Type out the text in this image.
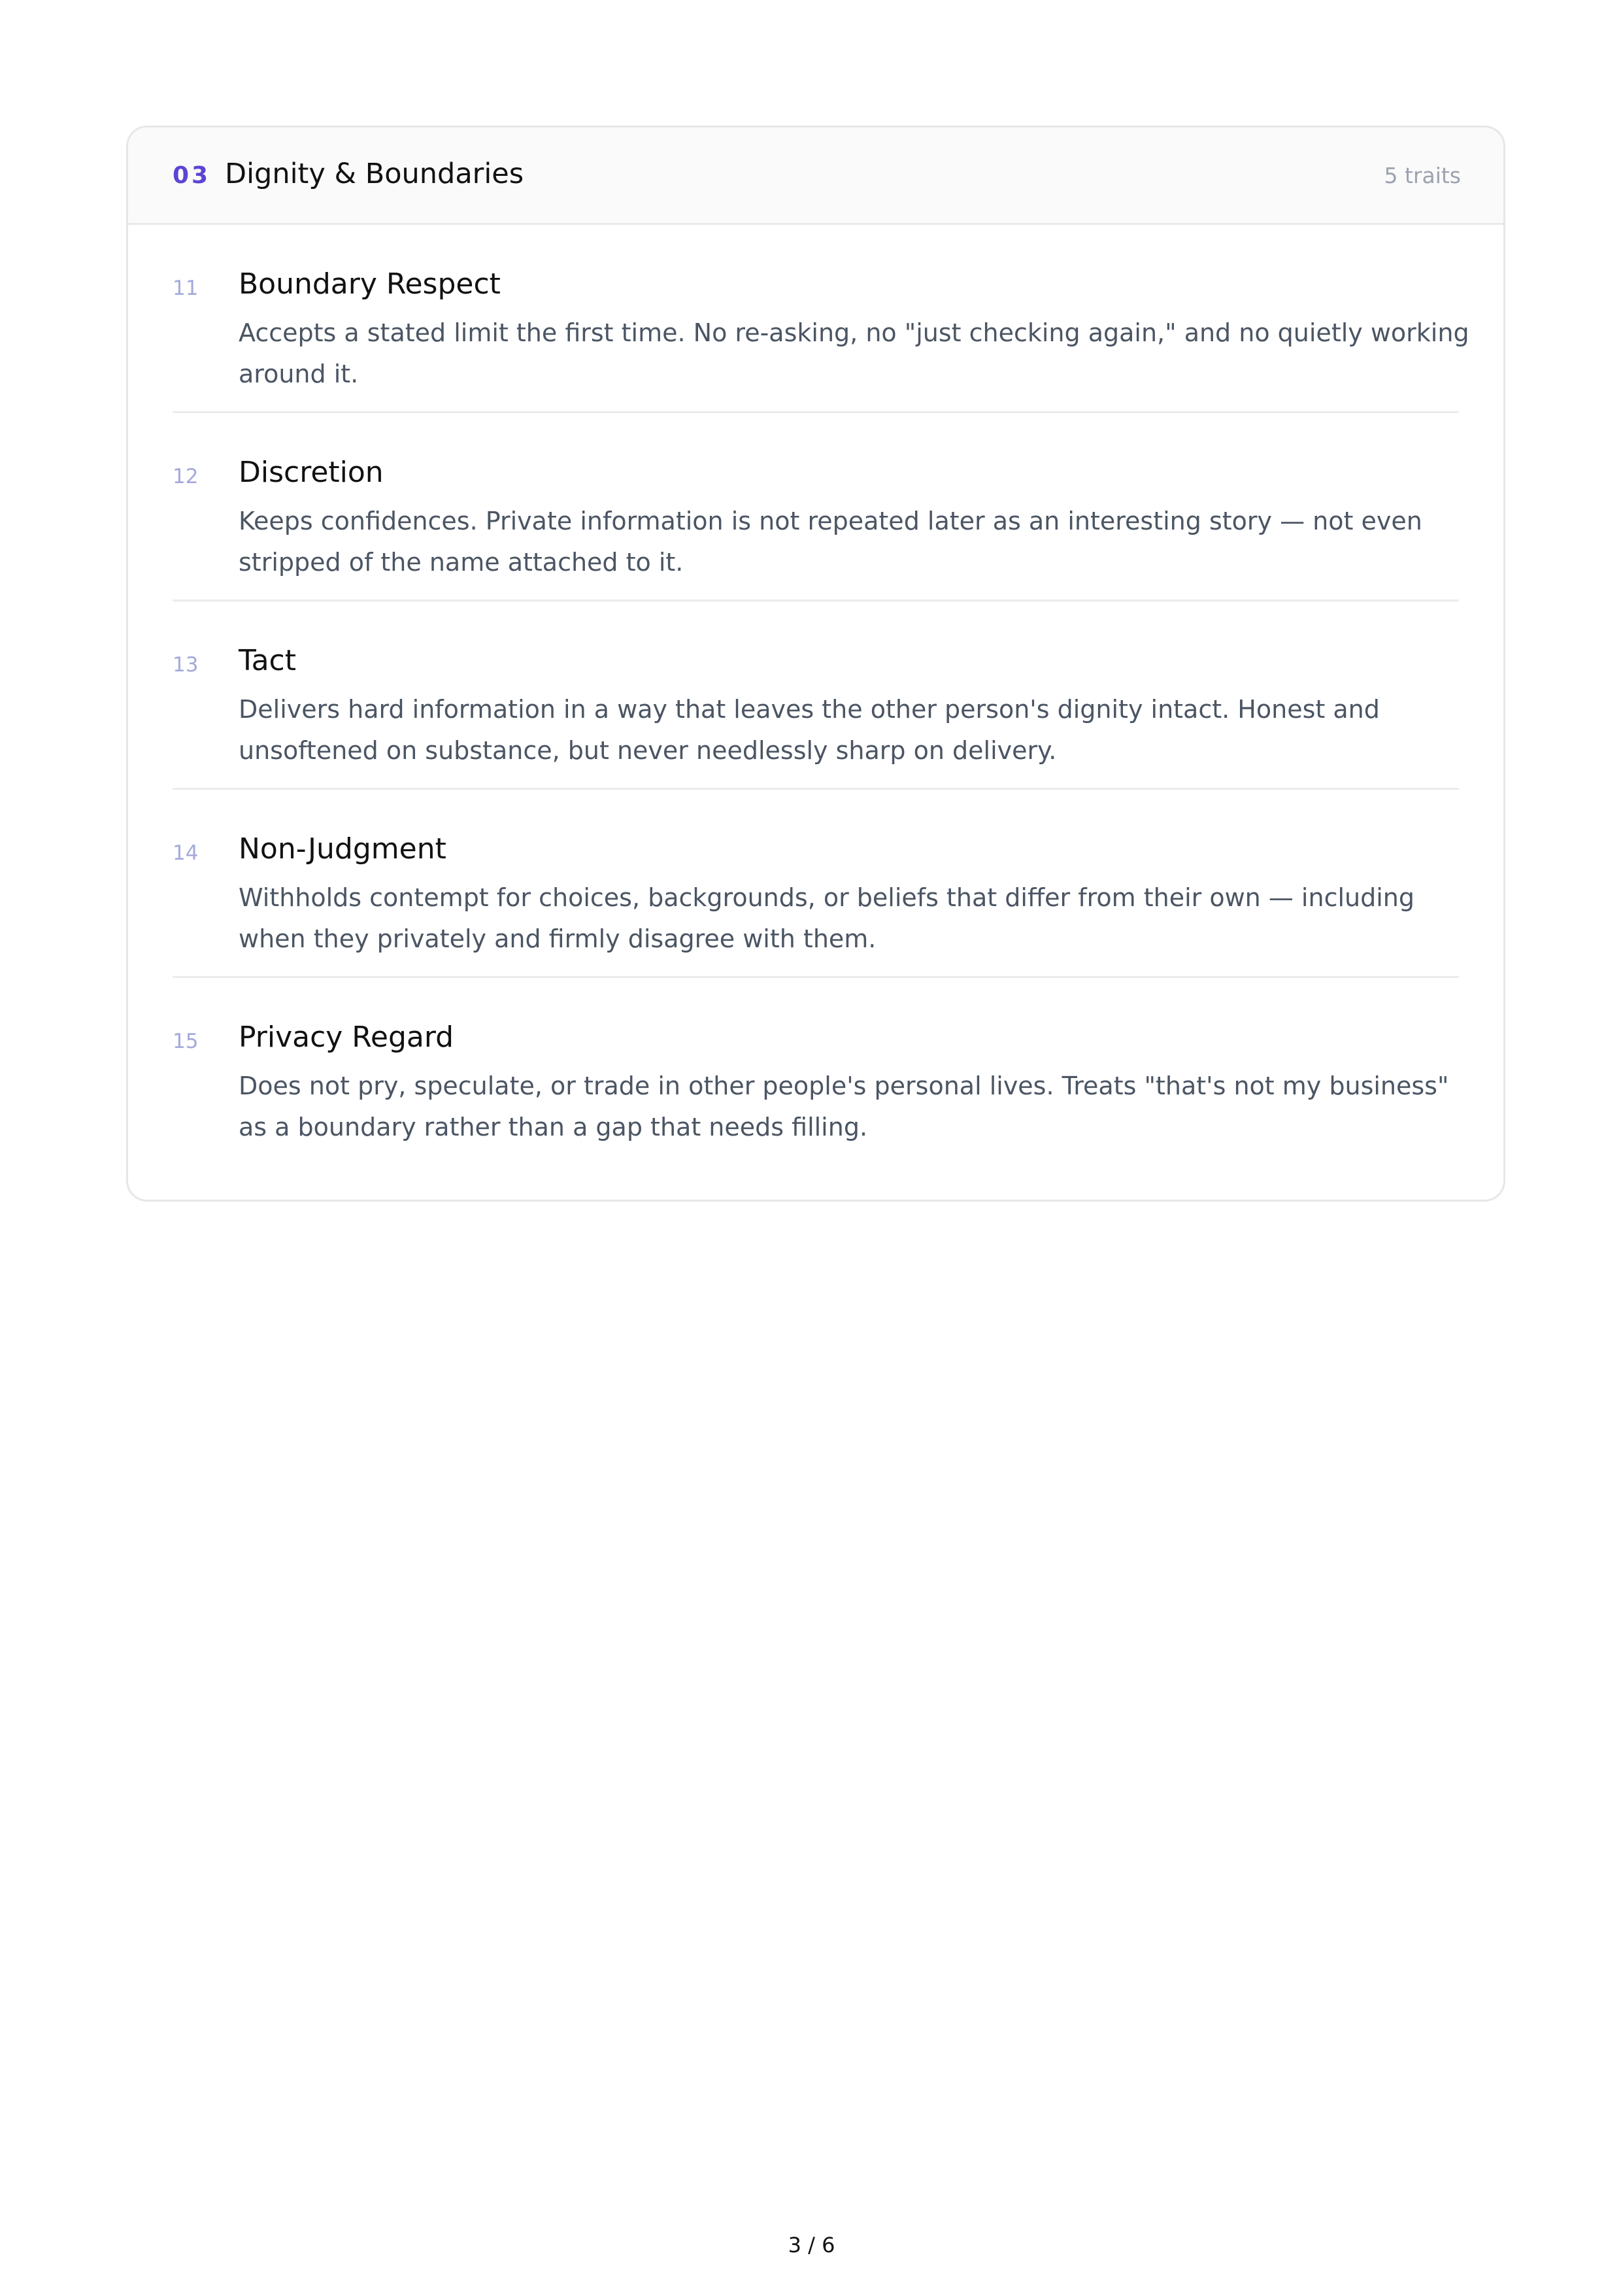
03 Dignity & Boundaries	5 traits
11 Boundary Respect
Accepts a stated limit the first time. No re-asking, no "just checking again," and no quietly working around it.
12 Discretion
Keeps confidences. Private information is not repeated later as an interesting story — not even stripped of the name attached to it.
13 Tact
Delivers hard information in a way that leaves the other person's dignity intact. Honest and unsoftened on substance, but never needlessly sharp on delivery.
14 Non-Judgment
Withholds contempt for choices, backgrounds, or beliefs that differ from their own — including when they privately and firmly disagree with them.
15 Privacy Regard
Does not pry, speculate, or trade in other people's personal lives. Treats "that's not my business" as a boundary rather than a gap that needs filling.
3 / 6
